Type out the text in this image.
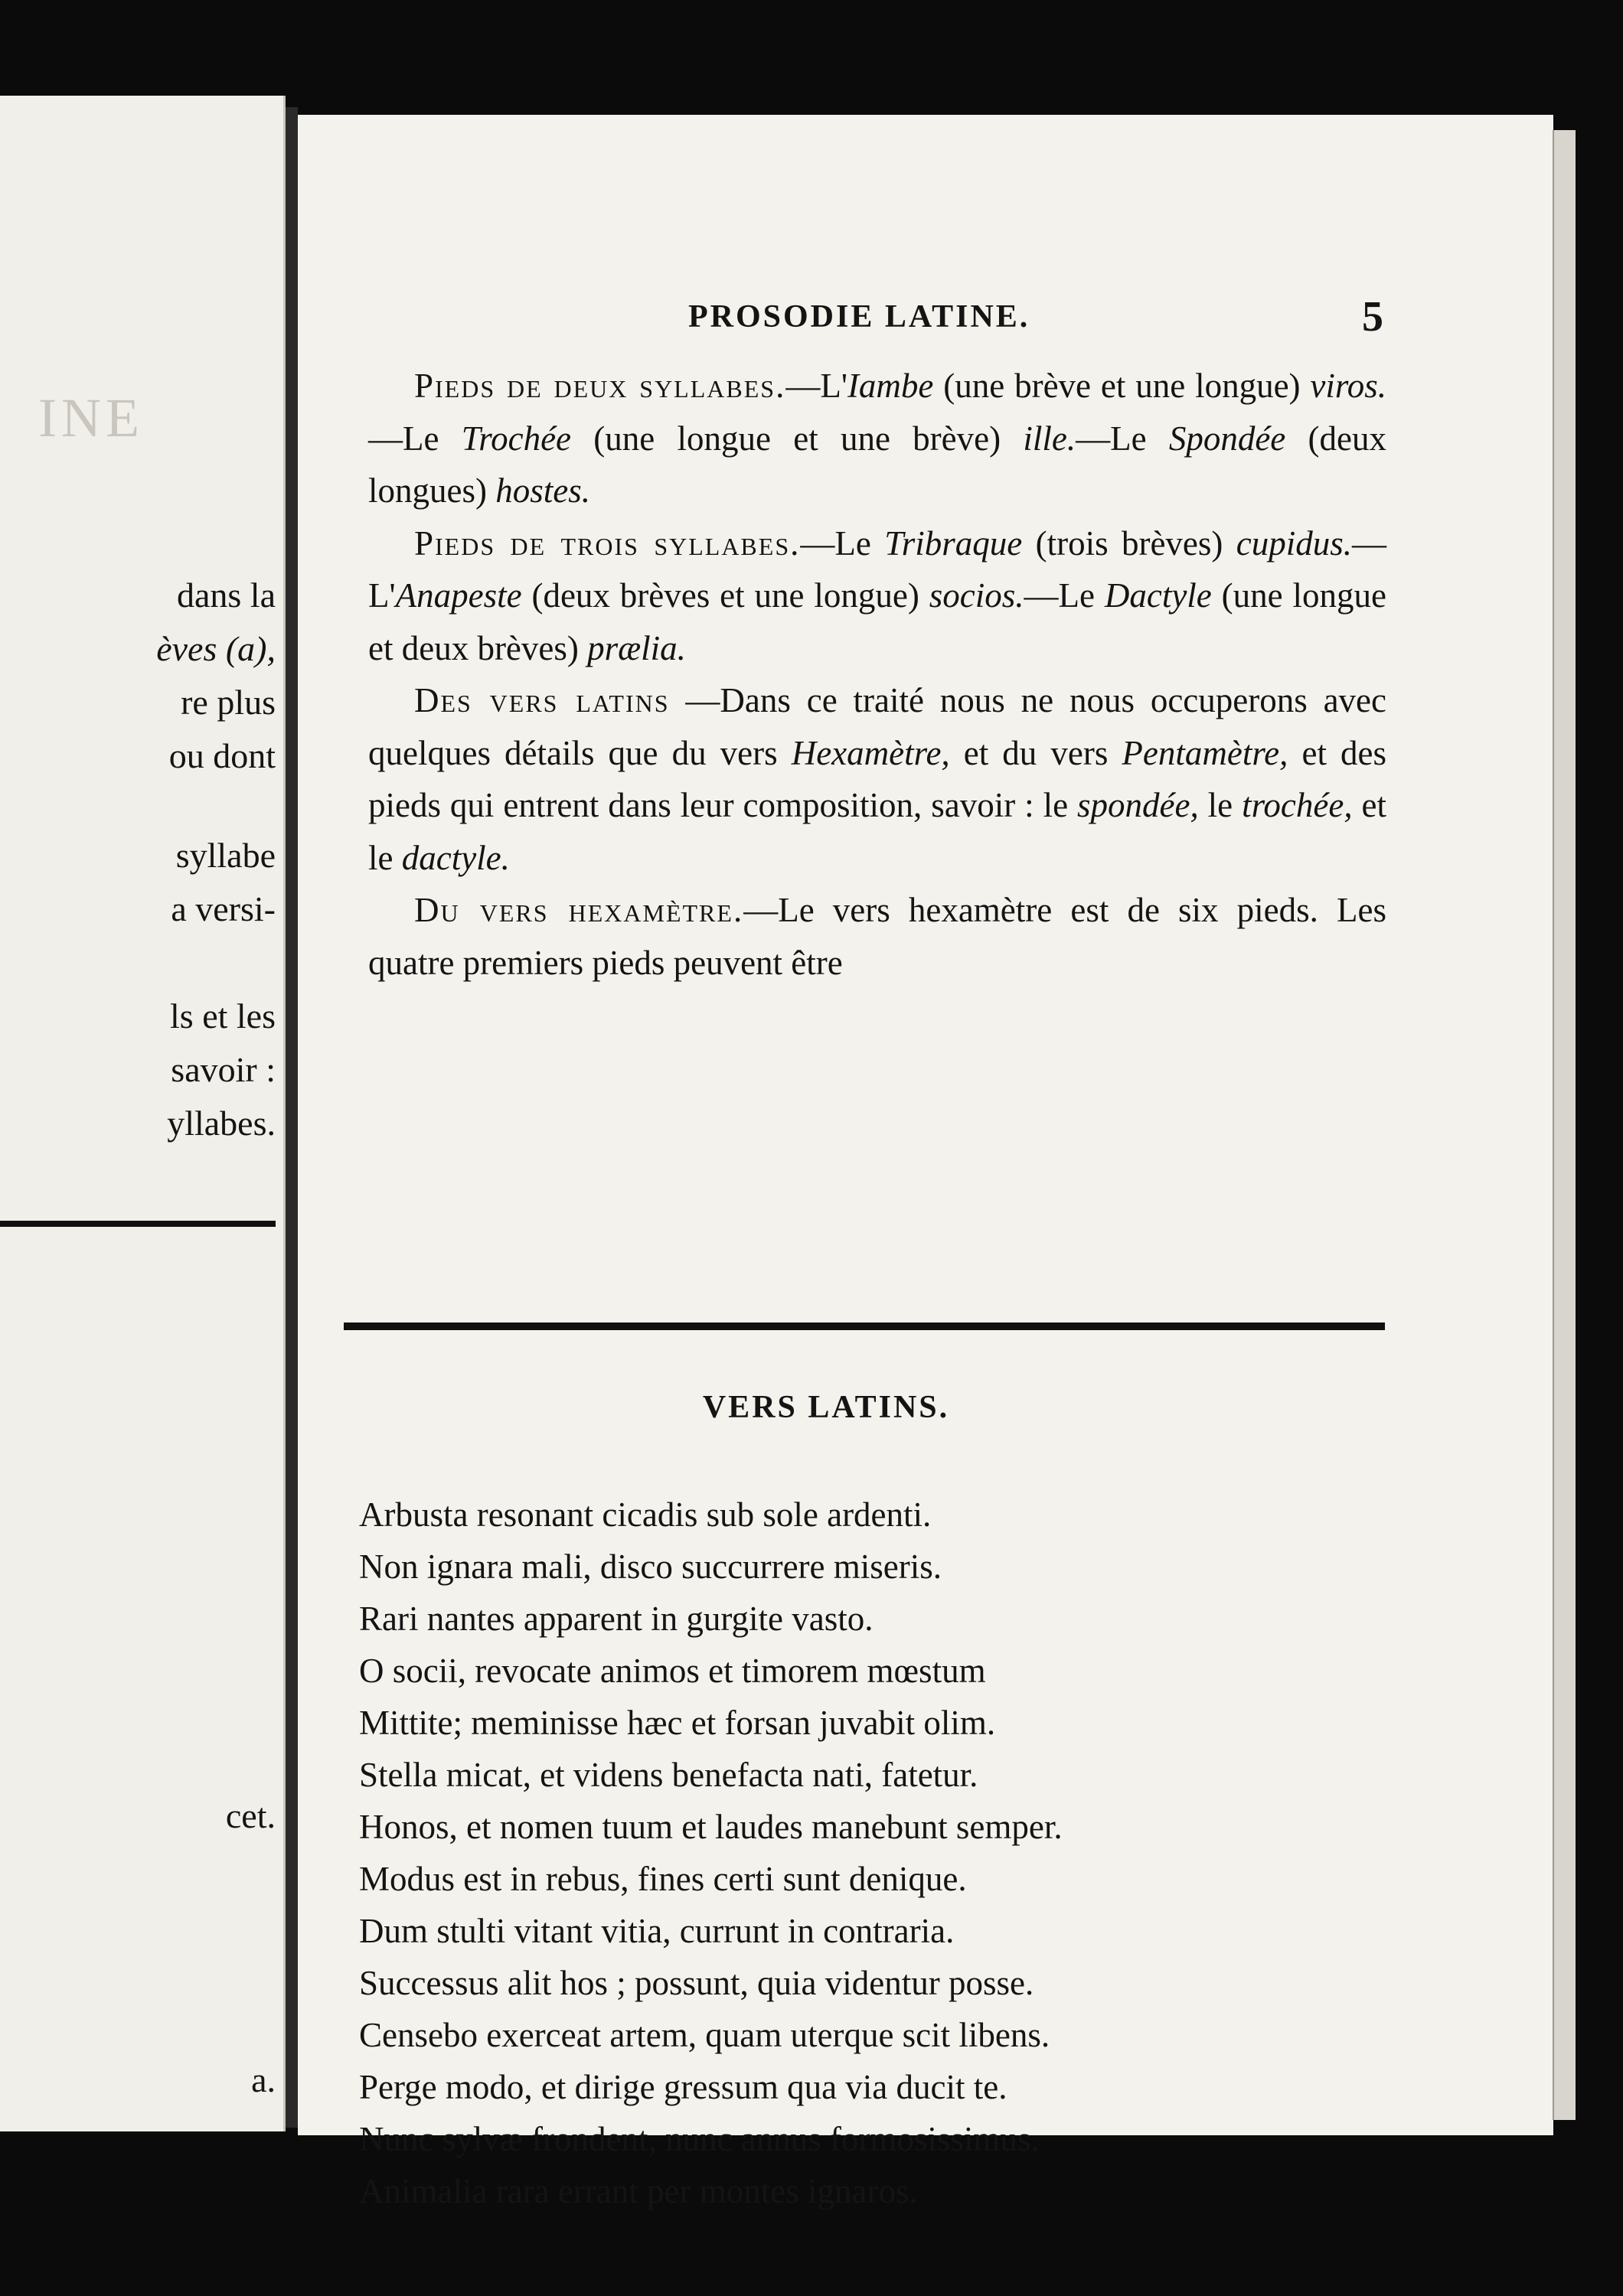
INE
dans la
èves (a),
re plus
ou dont
syllabe
a versi-
ls et les
savoir :
yllabes.
cet.
a.
PROSODIE LATINE.	5

Pieds de deux syllabes.—L'Iambe (une brève et une longue) viros.—Le Trochée (une longue et une brève) ille.—Le Spondée (deux longues) hostes.

Pieds de trois syllabes.—Le Tribraque (trois brèves) cupidus.—L'Anapeste (deux brèves et une longue) socios.—Le Dactyle (une longue et deux brèves) prælia.

Des vers latins —Dans ce traité nous ne nous occuperons avec quelques détails que du vers Hexamètre, et du vers Pentamètre, et des pieds qui entrent dans leur composition, savoir : le spondée, le trochée, et le dactyle.

Du vers hexamètre.—Le vers hexamètre est de six pieds. Les quatre premiers pieds peuvent être

VERS LATINS.
Arbusta resonant cicadis sub sole ardenti.
Non ignara mali, disco succurrere miseris.
Rari nantes apparent in gurgite vasto.
O socii, revocate animos et timorem mœstum
Mittite; meminisse hæc et forsan juvabit olim.
Stella micat, et videns benefacta nati, fatetur.
Honos, et nomen tuum et laudes manebunt semper.
Modus est in rebus, fines certi sunt denique.
Dum stulti vitant vitia, currunt in contraria.
Successus alit hos ; possunt, quia videntur posse.
Censebo exerceat artem, quam uterque scit libens.
Perge modo, et dirige gressum qua via ducit te.
Nunc sylvæ frondent, nunc annus formosissimus.
Animalia rara errant per montes ignaros.
